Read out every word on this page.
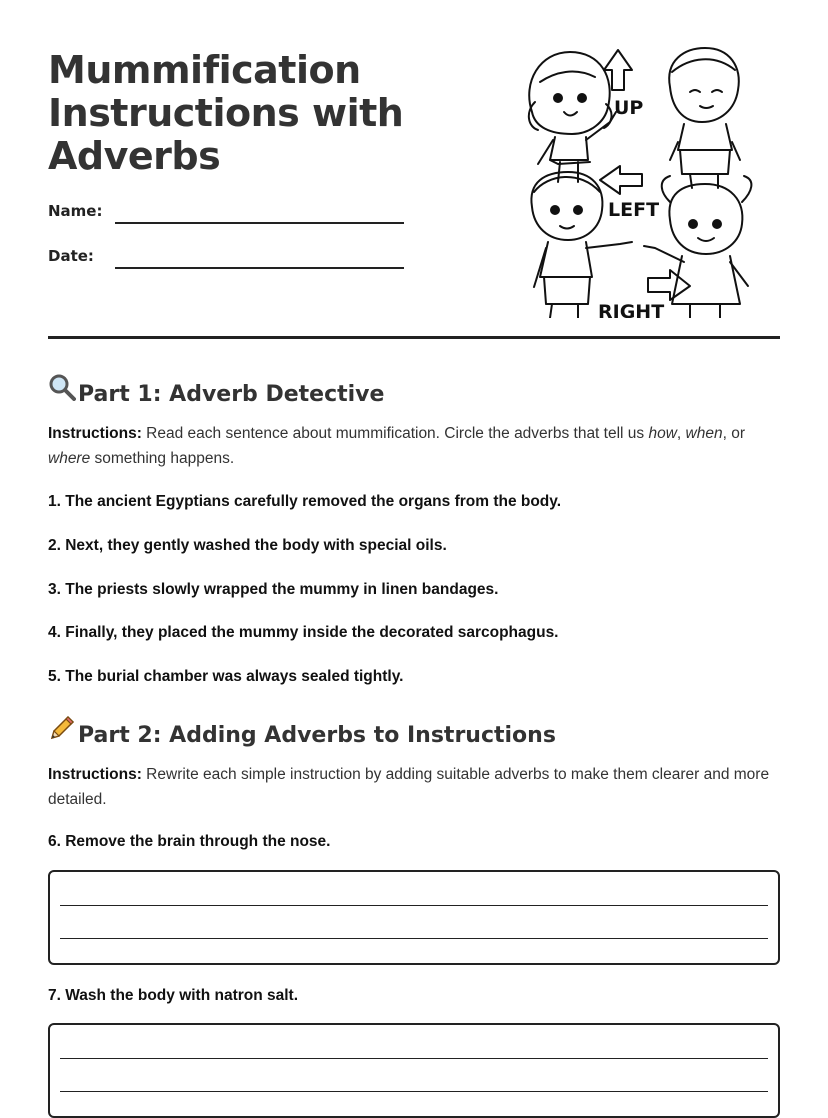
Mummification
Instructions with
Adverbs
Name:
Date:
UP
LEFT
RIGHT
Part 1: Adverb Detective
Instructions: Read each sentence about mummification. Circle the adverbs that tell us how, when, or where something happens.
1. The ancient Egyptians carefully removed the organs from the body.
2. Next, they gently washed the body with special oils.
3. The priests slowly wrapped the mummy in linen bandages.
4. Finally, they placed the mummy inside the decorated sarcophagus.
5. The burial chamber was always sealed tightly.
Part 2: Adding Adverbs to Instructions
Instructions: Rewrite each simple instruction by adding suitable adverbs to make them clearer and more detailed.
6. Remove the brain through the nose.
7. Wash the body with natron salt.
